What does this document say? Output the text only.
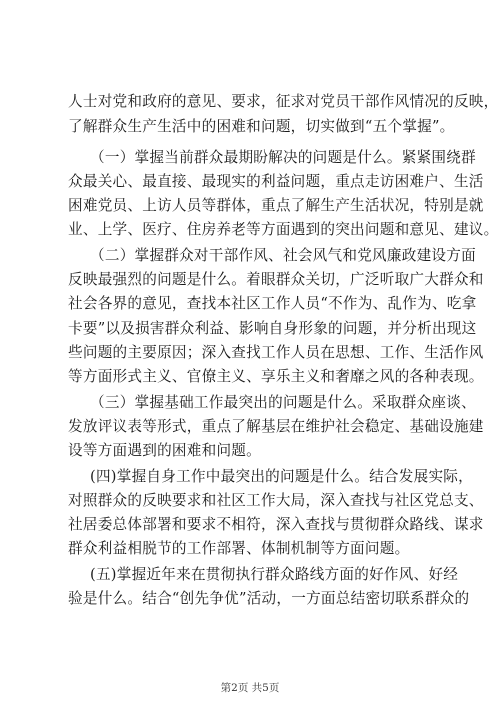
人士对党和政府的意见、要求，征求对党员干部作风情况的反映，
了解群众生产生活中的困难和问题，切实做到“五个掌握”。
（一）掌握当前群众最期盼解决的问题是什么。紧紧围绕群
众最关心、最直接、最现实的利益问题，重点走访困难户、生活
困难党员、上访人员等群体，重点了解生产生活状况，特别是就
业、上学、医疗、住房养老等方面遇到的突出问题和意见、建议。
（二）掌握群众对干部作风、社会风气和党风廉政建设方面
反映最强烈的问题是什么。着眼群众关切，广泛听取广大群众和
社会各界的意见，查找本社区工作人员“不作为、乱作为、吃拿
卡要”以及损害群众利益、影响自身形象的问题，并分析出现这
些问题的主要原因；深入查找工作人员在思想、工作、生活作风
等方面形式主义、官僚主义、享乐主义和奢靡之风的各种表现。
（三）掌握基础工作最突出的问题是什么。采取群众座谈、
发放评议表等形式，重点了解基层在维护社会稳定、基础设施建
设等方面遇到的困难和问题。
(四)掌握自身工作中最突出的问题是什么。结合发展实际，
对照群众的反映要求和社区工作大局，深入查找与社区党总支、
社居委总体部署和要求不相符，深入查找与贯彻群众路线、谋求
群众利益相脱节的工作部署、体制机制等方面问题。
(五)掌握近年来在贯彻执行群众路线方面的好作风、好经
验是什么。结合“创先争优”活动，一方面总结密切联系群众的
第2页 共5页
